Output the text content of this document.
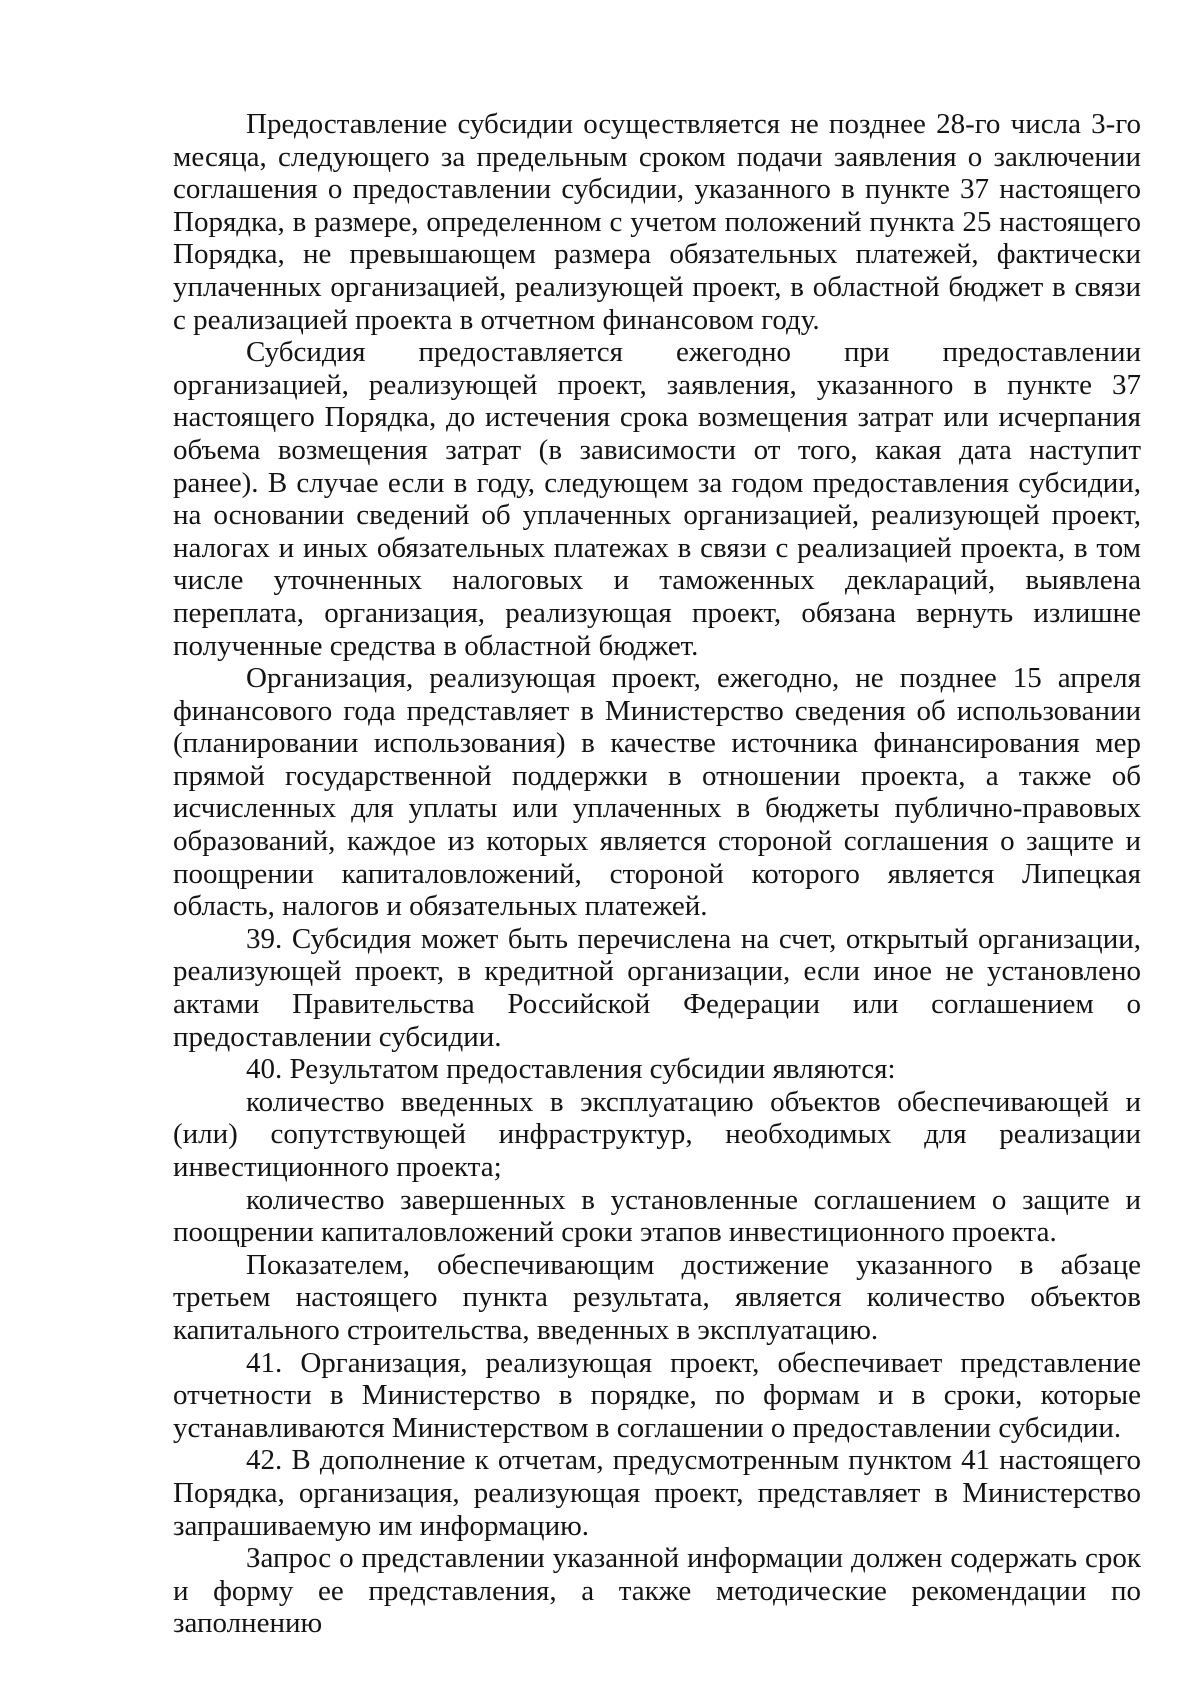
Предоставление субсидии осуществляется не позднее 28-го числа 3-го месяца, следующего за предельным сроком подачи заявления о заключении соглашения о предоставлении субсидии, указанного в пункте 37 настоящего Порядка, в размере, определенном с учетом положений пункта 25 настоящего Порядка, не превышающем размера обязательных платежей, фактически уплаченных организацией, реализующей проект, в областной бюджет в связи с реализацией проекта в отчетном финансовом году.

Субсидия предоставляется ежегодно при предоставлении организацией, реализующей проект, заявления, указанного в пункте 37 настоящего Порядка, до истечения срока возмещения затрат или исчерпания объема возмещения затрат (в зависимости от того, какая дата наступит ранее). В случае если в году, следующем за годом предоставления субсидии, на основании сведений об уплаченных организацией, реализующей проект, налогах и иных обязательных платежах в связи с реализацией проекта, в том числе уточненных налоговых и таможенных деклараций, выявлена переплата, организация, реализующая проект, обязана вернуть излишне полученные средства в областной бюджет.

Организация, реализующая проект, ежегодно, не позднее 15 апреля финансового года представляет в Министерство сведения об использовании (планировании использования) в качестве источника финансирования мер прямой государственной поддержки в отношении проекта, а также об исчисленных для уплаты или уплаченных в бюджеты публично-правовых образований, каждое из которых является стороной соглашения о защите и поощрении капиталовложений, стороной которого является Липецкая область, налогов и обязательных платежей.

39. Субсидия может быть перечислена на счет, открытый организации, реализующей проект, в кредитной организации, если иное не установлено актами Правительства Российской Федерации или соглашением о предоставлении субсидии.

40. Результатом предоставления субсидии являются:

количество введенных в эксплуатацию объектов обеспечивающей и (или) сопутствующей инфраструктур, необходимых для реализации инвестиционного проекта;

количество завершенных в установленные соглашением о защите и поощрении капиталовложений сроки этапов инвестиционного проекта.

Показателем, обеспечивающим достижение указанного в абзаце третьем настоящего пункта результата, является количество объектов капитального строительства, введенных в эксплуатацию.

41. Организация, реализующая проект, обеспечивает представление отчетности в Министерство в порядке, по формам и в сроки, которые устанавливаются Министерством в соглашении о предоставлении субсидии.

42. В дополнение к отчетам, предусмотренным пунктом 41 настоящего Порядка, организация, реализующая проект, представляет в Министерство запрашиваемую им информацию.

Запрос о представлении указанной информации должен содержать срок и форму ее представления, а также методические рекомендации по заполнению
